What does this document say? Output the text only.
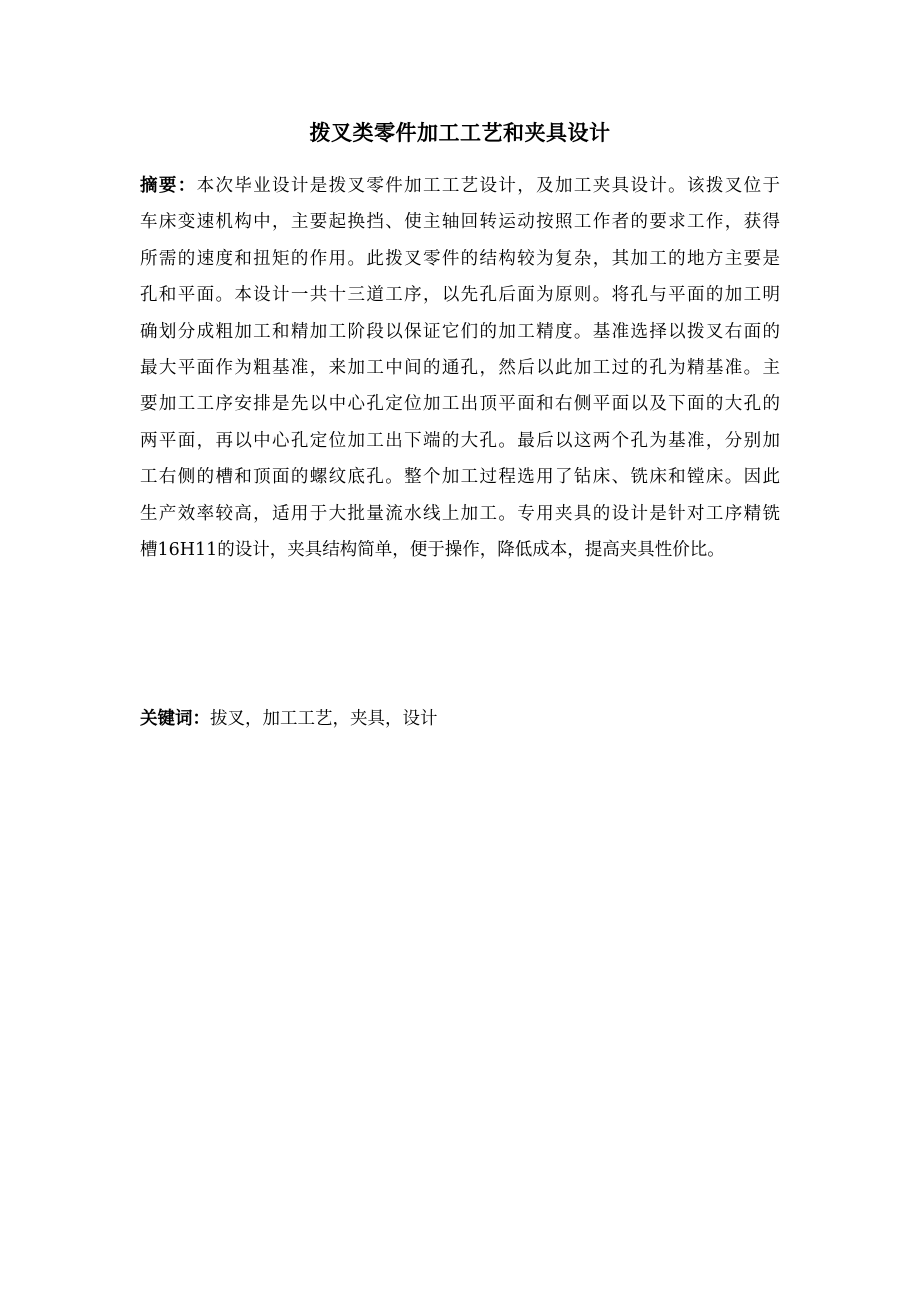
拨叉类零件加工工艺和夹具设计
摘要：本次毕业设计是拨叉零件加工工艺设计，及加工夹具设计。该拨叉位于
车床变速机构中，主要起换挡、使主轴回转运动按照工作者的要求工作，获得
所需的速度和扭矩的作用。此拨叉零件的结构较为复杂，其加工的地方主要是
孔和平面。本设计一共十三道工序，以先孔后面为原则。将孔与平面的加工明
确划分成粗加工和精加工阶段以保证它们的加工精度。基准选择以拨叉右面的
最大平面作为粗基准，来加工中间的通孔，然后以此加工过的孔为精基准。主
要加工工序安排是先以中心孔定位加工出顶平面和右侧平面以及下面的大孔的
两平面，再以中心孔定位加工出下端的大孔。最后以这两个孔为基准，分别加
工右侧的槽和顶面的螺纹底孔。整个加工过程选用了钻床、铣床和镗床。因此
生产效率较高，适用于大批量流水线上加工。专用夹具的设计是针对工序精铣
槽16H11的设计，夹具结构简单，便于操作，降低成本，提高夹具性价比。
关键词：拔叉，加工工艺，夹具，设计
